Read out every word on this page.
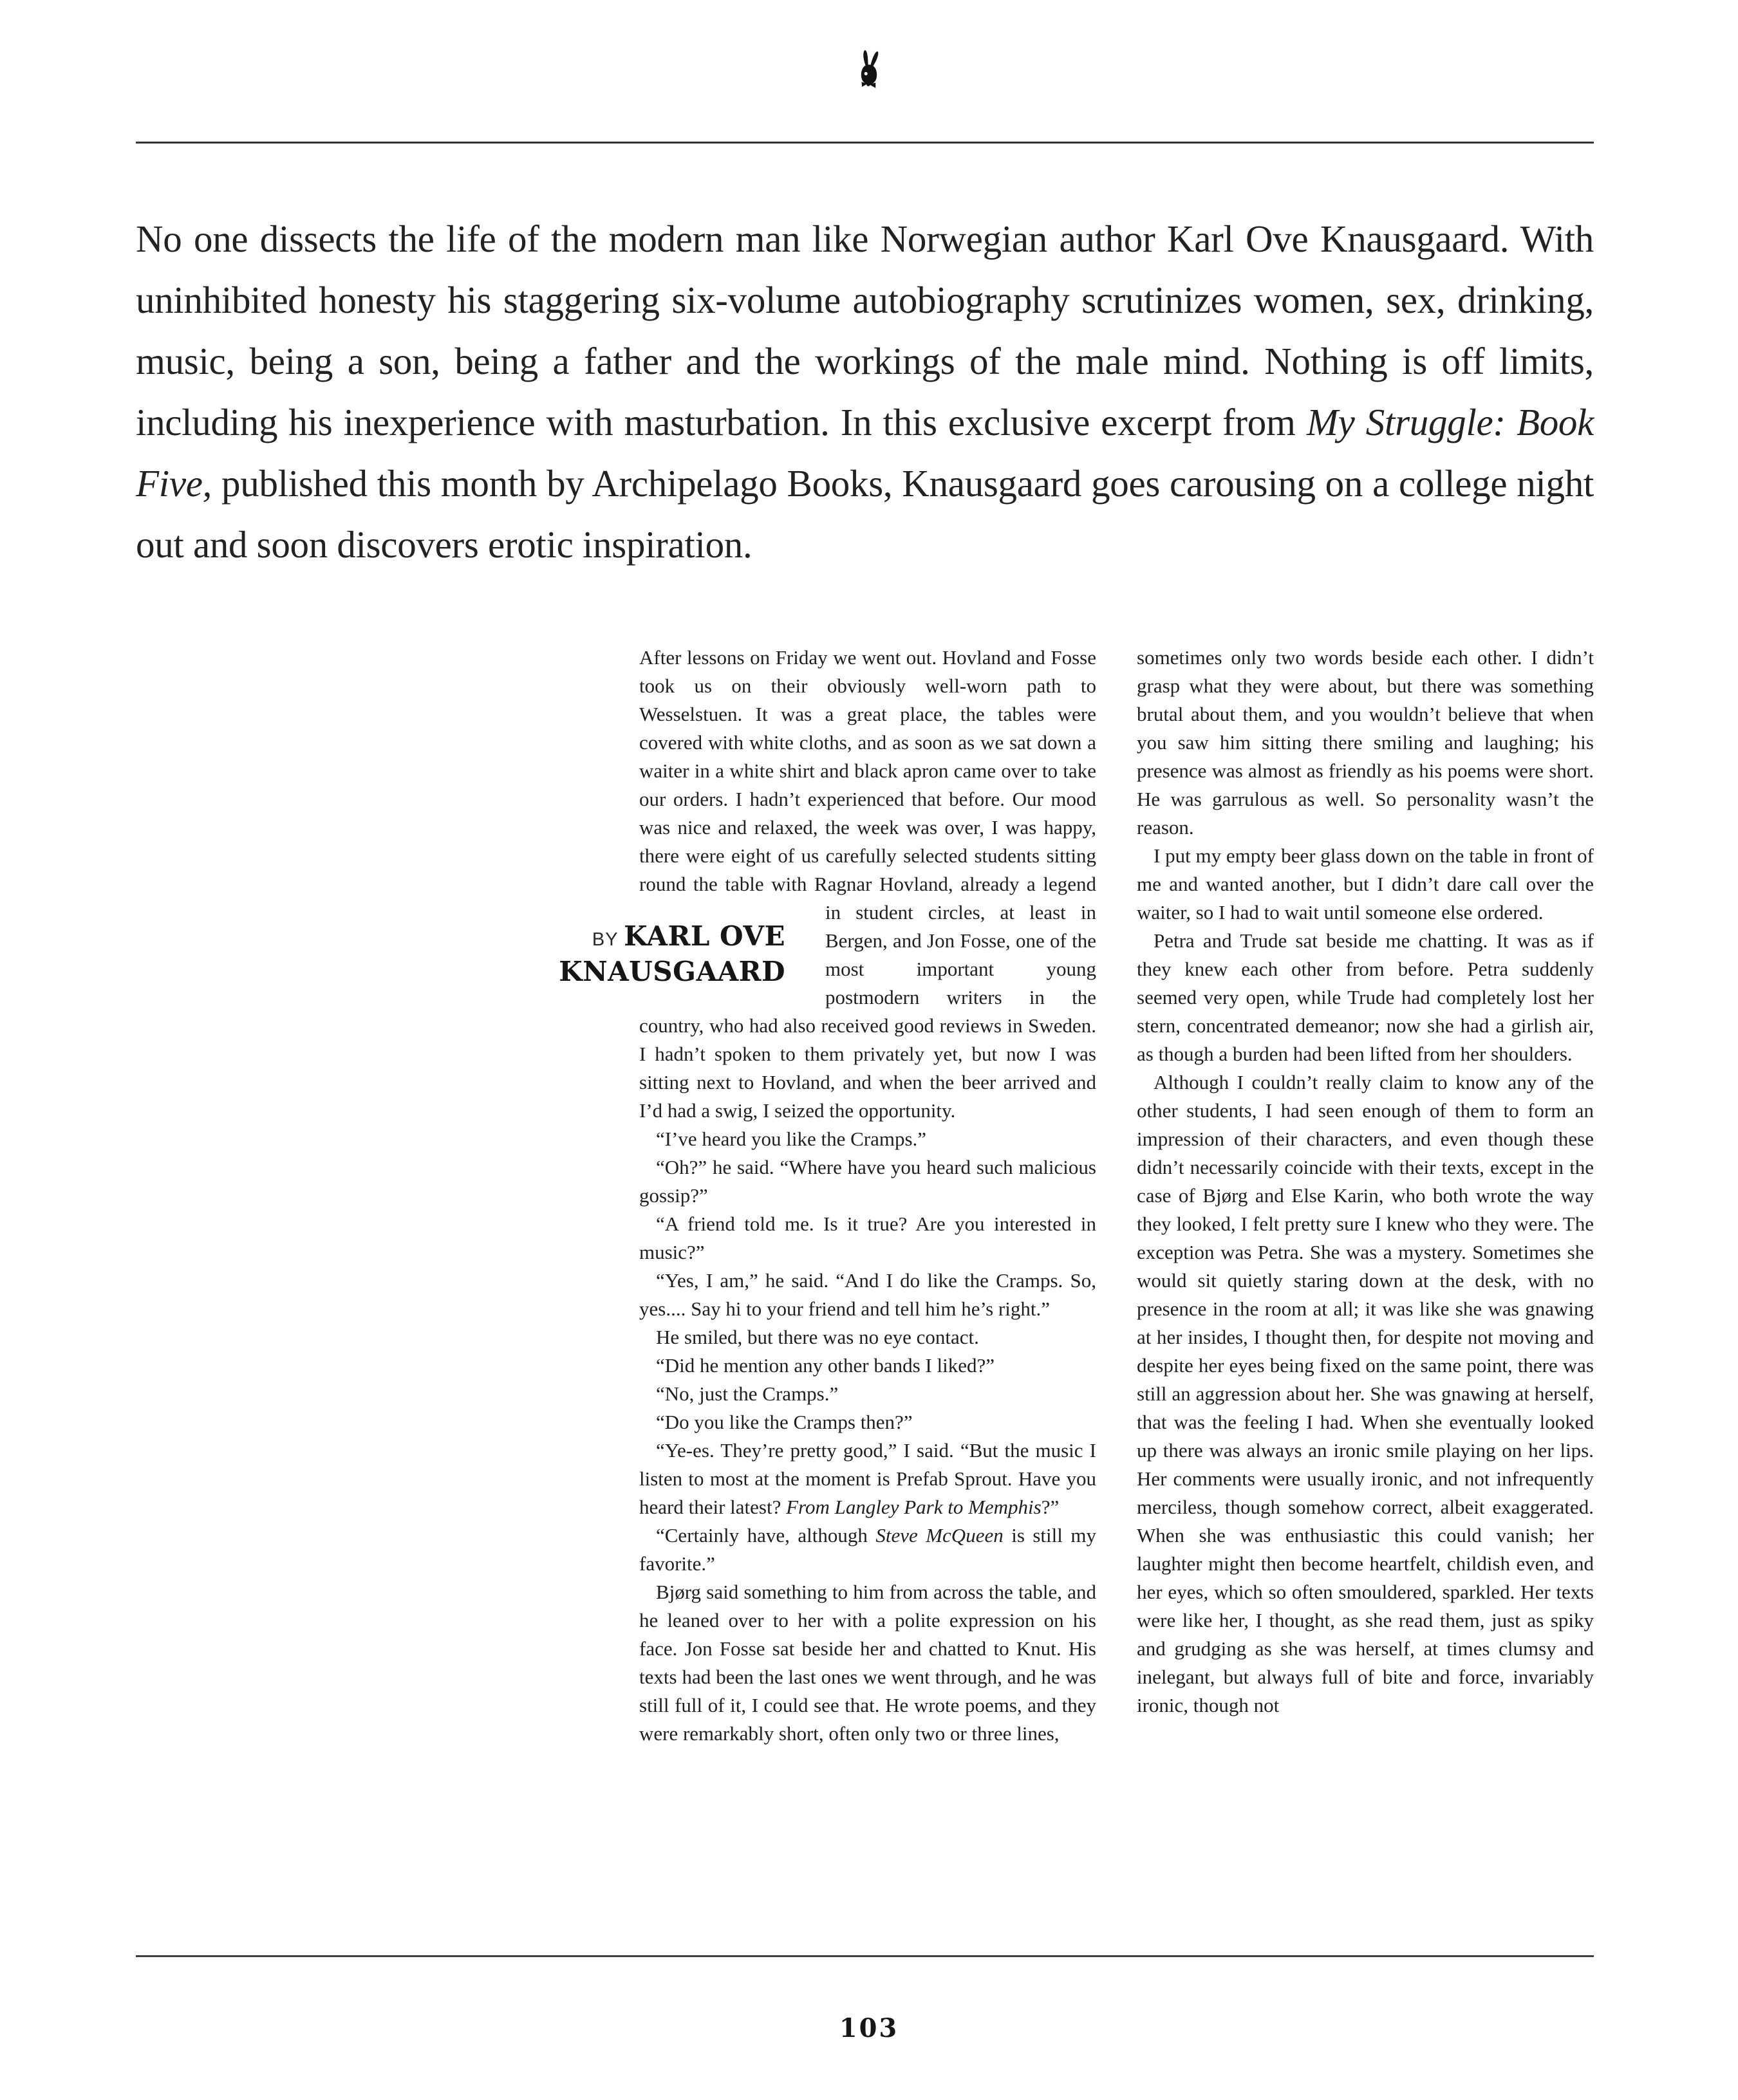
No one dissects the life of the modern man like Norwegian author Karl Ove Knausgaard. With uninhibited honesty his staggering six-volume autobiography scrutinizes women, sex, drinking, music, being a son, being a father and the workings of the male mind. Nothing is off limits, including his inexperience with masturbation. In this exclusive excerpt from My Struggle: Book Five, published this month by Archipelago Books, Knausgaard goes carousing on a college night out and soon discovers erotic inspiration.

After lessons on Friday we went out. Hovland and Fosse took us on their obviously well-worn path to Wesselstuen. It was a great place, the tables were covered with white cloths, and as soon as we sat down a waiter in a white shirt and black apron came over to take our orders. I hadn’t experienced that before. Our mood was nice and relaxed, the week was over, I was happy, there were eight of us carefully selected students sitting round the table with Ragnar Hovland,
BY KARL OVE
KNAUSGAARD
already a legend in student circles, at least in Bergen, and Jon Fosse, one of the most important young postmodern writers in the country, who had also received good reviews in Sweden. I hadn’t spoken to them privately yet, but now I was sitting next to Hovland, and when the beer arrived and I’d had a swig, I seized the opportunity.

“I’ve heard you like the Cramps.”

“Oh?” he said. “Where have you heard such malicious gossip?”

“A friend told me. Is it true? Are you interested in music?”

“Yes, I am,” he said. “And I do like the Cramps. So, yes.... Say hi to your friend and tell him he’s right.”

He smiled, but there was no eye contact.

“Did he mention any other bands I liked?”

“No, just the Cramps.”

“Do you like the Cramps then?”

“Ye-es. They’re pretty good,” I said. “But the music I listen to most at the moment is Prefab Sprout. Have you heard their latest? From Langley Park to Memphis?”

“Certainly have, although Steve McQueen is still my favorite.”

Bjørg said something to him from across the table, and he leaned over to her with a polite expression on his face. Jon Fosse sat beside her and chatted to Knut. His texts had been the last ones we went through, and he was still full of it, I could see that. He wrote poems, and they were remarkably short, often only two or three lines,

sometimes only two words beside each other. I didn’t grasp what they were about, but there was something brutal about them, and you wouldn’t believe that when you saw him sitting there smiling and laughing; his presence was almost as friendly as his poems were short. He was garrulous as well. So personality wasn’t the reason.

I put my empty beer glass down on the table in front of me and wanted another, but I didn’t dare call over the waiter, so I had to wait until someone else ordered.

Petra and Trude sat beside me chatting. It was as if they knew each other from before. Petra suddenly seemed very open, while Trude had completely lost her stern, concentrated demeanor; now she had a girlish air, as though a burden had been lifted from her shoulders.

Although I couldn’t really claim to know any of the other students, I had seen enough of them to form an impression of their characters, and even though these didn’t necessarily coincide with their texts, except in the case of Bjørg and Else Karin, who both wrote the way they looked, I felt pretty sure I knew who they were. The exception was Petra. She was a mystery. Sometimes she would sit quietly staring down at the desk, with no presence in the room at all; it was like she was gnawing at her insides, I thought then, for despite not moving and despite her eyes being fixed on the same point, there was still an aggression about her. She was gnawing at herself, that was the feeling I had. When she eventually looked up there was always an ironic smile playing on her lips. Her comments were usually ironic, and not infrequently merciless, though somehow correct, albeit exaggerated. When she was enthusiastic this could vanish; her laughter might then become heartfelt, childish even, and her eyes, which so often smouldered, sparkled. Her texts were like her, I thought, as she read them, just as spiky and grudging as she was herself, at times clumsy and inelegant, but always full of bite and force, invariably ironic, though not

103
